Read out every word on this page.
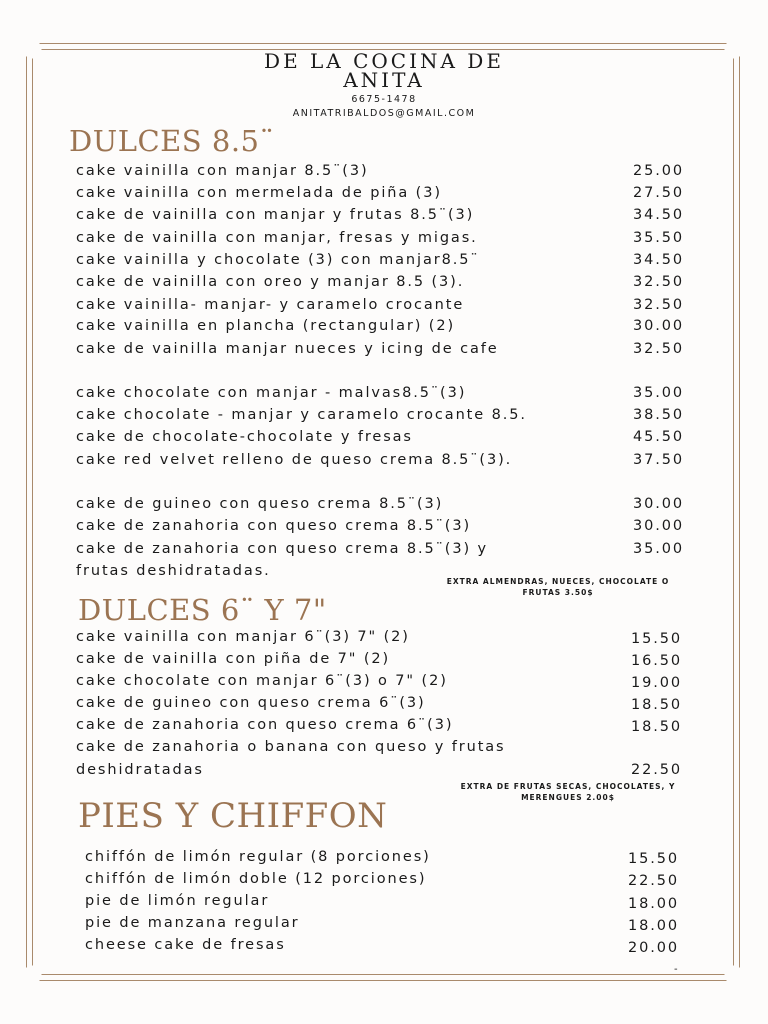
DE LA COCINA DE
ANITA
6675-1478
ANITATRIBALDOS@GMAIL.COM
DULCES 8.5¨
cake vainilla con manjar 8.5¨(3)	25.00
cake vainilla con mermelada de piña (3)	27.50
cake de vainilla con manjar y frutas 8.5¨(3)	34.50
cake de vainilla con manjar, fresas y migas.	35.50
cake vainilla y chocolate (3) con manjar8.5¨	34.50
cake de vainilla con oreo y manjar 8.5 (3).	32.50
cake vainilla- manjar- y caramelo crocante	32.50
cake vainilla en plancha (rectangular) (2)	30.00
cake de vainilla manjar nueces y icing de cafe	32.50
cake chocolate con manjar - malvas8.5¨(3)	35.00
cake chocolate - manjar y caramelo crocante 8.5.	38.50
cake de chocolate-chocolate y fresas	45.50
cake red velvet relleno de queso crema 8.5¨(3).	37.50
cake de guineo con queso crema 8.5¨(3)	30.00
cake de zanahoria con queso crema 8.5¨(3)	30.00
cake de zanahoria con queso crema 8.5¨(3) y	35.00
frutas deshidratadas.
EXTRA ALMENDRAS, NUECES, CHOCOLATE O
FRUTAS 3.50$
DULCES 6¨ Y 7"
cake vainilla con manjar 6¨(3) 7" (2)	15.50
cake de vainilla con piña de 7" (2)	16.50
cake chocolate con manjar 6¨(3) o 7" (2)	19.00
cake de guineo con queso crema 6¨(3)	18.50
cake de zanahoria con queso crema 6¨(3)	18.50
cake de zanahoria o banana con queso y frutas
deshidratadas	22.50
EXTRA DE FRUTAS SECAS, CHOCOLATES, Y
MERENGUES 2.00$
PIES Y CHIFFON
chiffón de limón regular (8 porciones)	15.50
chiffón de limón doble (12 porciones)	22.50
pie de limón regular	18.00
pie de manzana regular	18.00
cheese cake de fresas	20.00
-
